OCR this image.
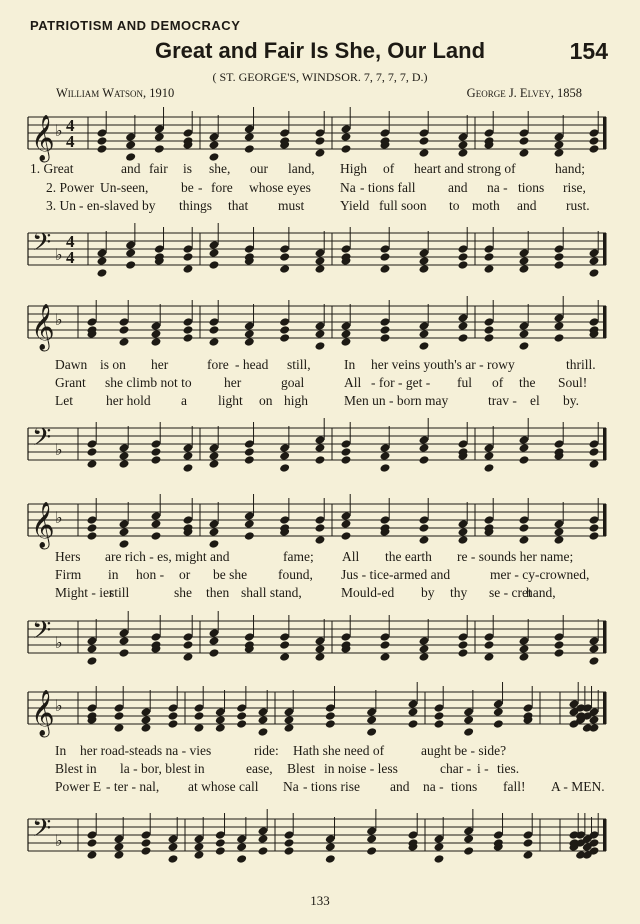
PATRIOTISM AND DEMOCRACY
Great and Fair Is She, Our Land	154
( ST. GEORGE'S, WINDSOR. 7, 7, 7, 7, D.)
William Watson, 1910	George J. Elvey, 1858
𝄞 ♭ 4
4
1. Great	and fair is she, our land, High of heart and strong of	hand;
2. Power Un-seen, be - fore whose eyes Na - tions fall and na - tions rise,
3. Un - en-slaved by things that must	Yield full soon to moth and rust.
𝄢 ♭
4
4
𝄞 ♭
Dawn is on her	fore - head still, In her veins youth's ar - rowy	thrill.
Grant she climb not to her	goal	All - for - get - ful of the Soul!
Let her hold a light on high	Men un - born may	trav - el by.
𝄢 ♭
𝄞 ♭
Hers are rich - es, might and	fame; All the earth re - sounds her name;
Firm in hon - or be she found, Jus - tice-armed and	mer - cy-crowned,
Might - ier
still	she then shall stand,	Mould-ed by thy se - cret
hand,
𝄢 ♭
𝄞 ♭
In her road-steads na - vies	ride: Hath she need of	aught be - side?
Blest in la - bor, blest in	ease, Blest in noise - less	char - i - ties.
Power E - ter - nal, at whose call Na - tions rise and na - tions fall! A - MEN.
𝄢 ♭
133
